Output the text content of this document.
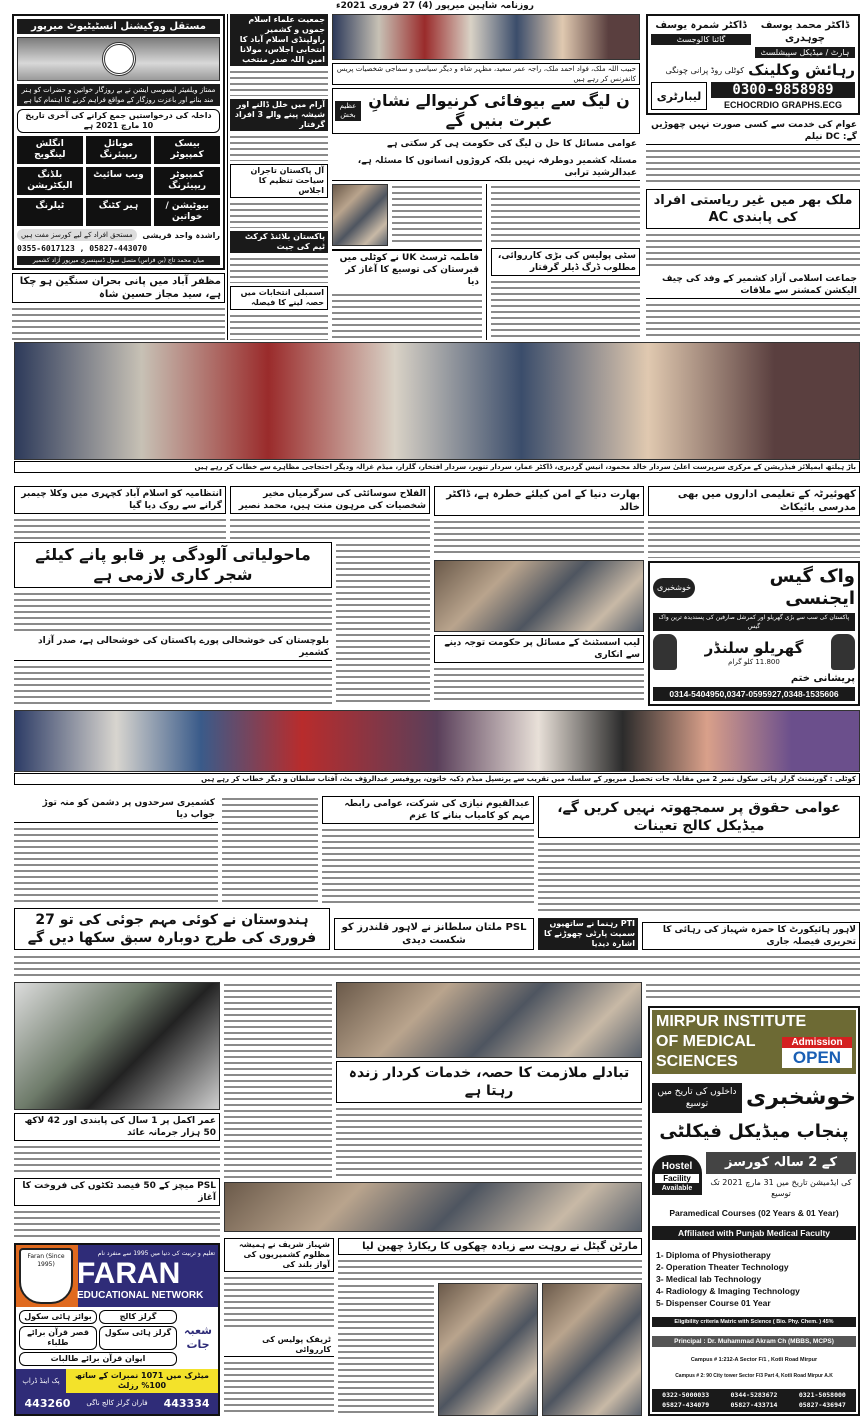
روزنامہ شاہین میرپور (4) 27 فروری 2021ء
مستقل ووکیشنل انسٹیٹیوٹ میرپور
ممتاز ویلفیئر ایسوسی ایشن نے بے روزگار خواتین و حضرات کو ہنر مند بنانے اور باعزت روزگار کے مواقع فراہم کرنے کا اہتمام کیا ہے
داخلہ کی درخواستیں جمع کرانے کی آخری تاریخ 10 مارچ 2021 ہے
بیسک کمپیوٹر
موبائل ریپیئرنگ
انگلش لینگویج
کمپیوٹر ریپیئرنگ
ویب سائیٹ
بلڈنگ الیکٹریشن
بیوٹیشن / خواتین
ہیر کٹنگ
ٹیلرنگ
راشدہ واحد قریشی
مستحق افراد کے لیے کورسز مفت ہیں
0355-6017123 , 05827-443070
میاں محمد تاج (بن فراس) متصل سول ڈسپنسری میرپور آزاد کشمیر
مظفر آباد میں پانی بحران سنگین ہو چکا ہے، سید مجاز حسین شاہ
جمعیت علماء اسلام جموں و کشمیر راولپنڈی اسلام آباد کا انتخابی اجلاس، مولانا امین اللہ صدر منتخب
آرام میں خلل ڈالنے اور شیشہ پینے والے 3 افراد گرفتار
آل پاکستان تاجران سیاحت تنظیم کا اجلاس
پاکستان بلائنڈ کرکٹ ٹیم کی جیت
اسمبلی انتخابات میں حصہ لینے کا فیصلہ
حبیب اللہ ملک، فواد احمد ملک، راجہ عمر سعید، مظہر شاہ و دیگر سیاسی و سماجی شخصیات پریس کانفرنس کر رہے ہیں
ن لیگ سے بیوفائی کرنیوالے نشانِ عبرت بنیں گے
عظیم بخش
عوامی مسائل کا حل ن لیگ کی حکومت ہی کر سکتی ہے
مسئلہ کشمیر دوطرفہ نہیں بلکہ کروڑوں انسانوں کا مسئلہ ہے، عبدالرشید ترابی
فاطمہ ٹرسٹ UK نے کوٹلی میں قبرستان کی توسیع کا آغاز کر دیا
سٹی پولیس کی بڑی کارروائی، مطلوب ڈرگ ڈیلر گرفتار
ڈاکٹر محمد یوسف چوہدری
ہارٹ / میڈیکل سپیشلسٹ
ڈاکٹر شمرہ یوسف
گائنا کالوجسٹ
رہائش وکلینک
کوٹلی روڈ پرانی چونگی
0300-9858989
ECHOCRDIO GRAPHS.ECG
لیبارٹری
عوام کی خدمت سے کسی صورت نہیں چھوڑیں گے: DC نیلم
ملک بھر میں غیر ریاستی افراد کی پابندی AC
جماعت اسلامی آزاد کشمیر کے وفد کی چیف الیکشن کمشنر سے ملاقات
باڑ ہیلتھ ایمپلائز فیڈریشن کے مرکزی سرپرست اعلیٰ سردار خالد محمود، انیس گردیزی، ڈاکٹر عمار، سردار تنویر، سردار افتخار، گلزار، میڈم غزالہ ودیگر احتجاجی مظاہرے سے خطاب کر رہے ہیں
الفلاح سوسائٹی کی سرگرمیاں مخیر شخصیات کی مرہون منت ہیں، محمد نصیر
انتظامیہ کو اسلام آباد کچہری میں وکلا چیمبر گرانے سے روک دیا گیا
ماحولیاتی آلودگی پر قابو پانے کیلئے شجر کاری لازمی ہے
بلوچستان کی خوشحالی پورے پاکستان کی خوشحالی ہے، صدر آزاد کشمیر
بھارت دنیا کے امن کیلئے خطرہ ہے، ڈاکٹر خالد
لیب اسسٹنٹ کے مسائل پر حکومت توجہ دینے سے انکاری
کھوئیرٹہ کے تعلیمی اداروں میں بھی مدرسی بائیکاٹ
واک گیس ایجنسی
خوشخبری
پاکستان کی سب سے بڑی گھریلو اور کمرشل صارفین کی پسندیدہ ترین واک گیس
گھریلو سلنڈر
11.800 کلو گرام
پریشانی ختم
0314-5404950,0347-0595927,0348-1535606
کوٹلی : گورنمنٹ گرلز ہائی سکول نمبر 2 میں مقابلہ جات تحصیل میرپور کے سلسلہ میں تقریب سے پرنسپل میڈم ذکیہ خاتون، پروفیسر عبدالرؤف بٹ، آفتاب سلطان و دیگر خطاب کر رہے ہیں
عبدالقیوم نیازی کی شرکت، عوامی رابطہ مہم کو کامیاب بنانے کا عزم
کشمیری سرحدوں پر دشمن کو منہ توڑ جواب دیا
ہندوستان نے کوئی مہم جوئی کی تو 27 فروری کی طرح دوبارہ سبق سکھا دیں گے
PSL ملتان سلطانز نے لاہور قلندرز کو شکست دیدی
عوامی حقوق پر سمجھوتہ نہیں کریں گے، میڈیکل کالج تعینات
PTI رہنما نے ساتھیوں سمیت پارٹی چھوڑنے کا اشارہ دیدیا
لاہور ہائیکورٹ کا حمزہ شہباز کی رہائی کا تحریری فیصلہ جاری
عمر اکمل پر 1 سال کی پابندی اور 42 لاکھ 50 ہزار جرمانہ عائد
PSL میچز کے 50 فیصد ٹکٹوں کی فروخت کا آغاز
Faran (Since 1995)
تعلیم و تربیت کی دنیا میں 1995 سے منفرد نام
FARAN
EDUCATIONAL NETWORK
شعبہ جات
گرلز کالج
بوائز ہائی سکول
گرلز ہائی سکول
قصر قرآن برائے طلباء
ایوان قرآن برائے طالبات
میٹرک میں 1071 نمبرات کے ساتھ 100% رزلٹ
پک اینڈ ڈراپ
443334
فاران گرلز کالج ناگی
443260
تبادلے ملازمت کا حصہ، خدمات کردار زندہ رہتا ہے
شہباز شریف نے ہمیشہ مظلوم کشمیریوں کی آواز بلند کی
ٹریفک پولیس کی کارروائی
مارٹن گپٹل نے روہت سے زیادہ چھکوں کا ریکارڈ چھین لیا
MIRPUR INSTITUTE
OF MEDICAL
SCIENCES
Admission
OPEN
خوشخبری
داخلوں کی تاریخ میں توسیع
پنجاب میڈیکل فیکلٹی
Hostel
Facility
Available
کے 2 سالہ کورسز
کی ایڈمیشن تاریخ میں 31 مارچ 2021 تک توسیع
Paramedical Courses (02 Years & 01 Year)
Affiliated with Punjab Medical Faculty
1- Diploma of Physiotherapy
2- Operation Theater Technology
3- Medical lab Technology
4- Radiology & Imaging Technology
5- Dispenser Course 01 Year
Eligibility criteria Matric with Science ( Bio. Phy. Chem. ) 45%
Principal : Dr. Muhammad Akram Ch (MBBS, MCPS)
Campus # 1:212-A Sector F/1 , Kotli Road Mirpur
Campus # 2: 90 City tower Sector F/3 Part 4, Kotli Road Mirpur A.K
0322-5000033	0344-5283672	0321-5058000
05827-434079	05827-433714	05827-436947
